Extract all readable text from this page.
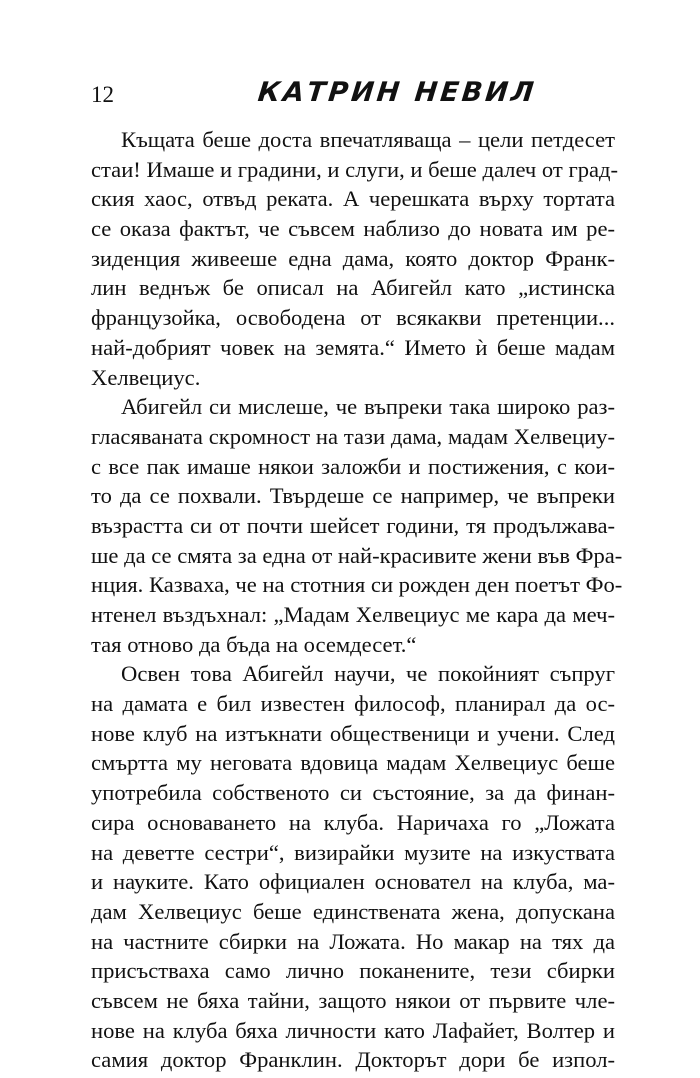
12	КАТРИН НЕВИЛ
Къщата беше доста впечатляваща – цели петдесет
стаи! Имаше и градини, и слуги, и беше далеч от град-
ския хаос, отвъд реката. А черешката върху тортата
се оказа фактът, че съвсем наблизо до новата им ре-
зиденция живееше една дама, която доктор Франк-
лин веднъж бе описал на Абигейл като „истинска
французойка, освободена от всякакви претенции...
най-добрият човек на земята.“ Името ѝ беше мадам
Хелвециус.
Абигейл си мислеше, че въпреки така широко раз-
гласяваната скромност на тази дама, мадам Хелвециу-
с все пак имаше някои заложби и постижения, с кои-
то да се похвали. Твърдеше се например, че въпреки
възрастта си от почти шейсет години, тя продължава-
ше да се смята за една от най-красивите жени във Фра-
нция. Казваха, че на стотния си рожден ден поетът Фо-
нтенел въздъхнал: „Мадам Хелвециус ме кара да меч-
тая отново да бъда на осемдесет.“
Освен това Абигейл научи, че покойният съпруг
на дамата е бил известен философ, планирал да ос-
нове клуб на изтъкнати общественици и учени. След
смъртта му неговата вдовица мадам Хелвециус беше
употребила собственото си състояние, за да финан-
сира основаването на клуба. Наричаха го „Ложата
на деветте сестри“, визирайки музите на изкуствата
и науките. Като официален основател на клуба, ма-
дам Хелвециус беше единствената жена, допускана
на частните сбирки на Ложата. Но макар на тях да
присъстваха само лично поканените, тези сбирки
съвсем не бяха тайни, защото някои от първите чле-
нове на клуба бяха личности като Лафайет, Волтер и
самия доктор Франклин. Докторът дори бе изпол-
